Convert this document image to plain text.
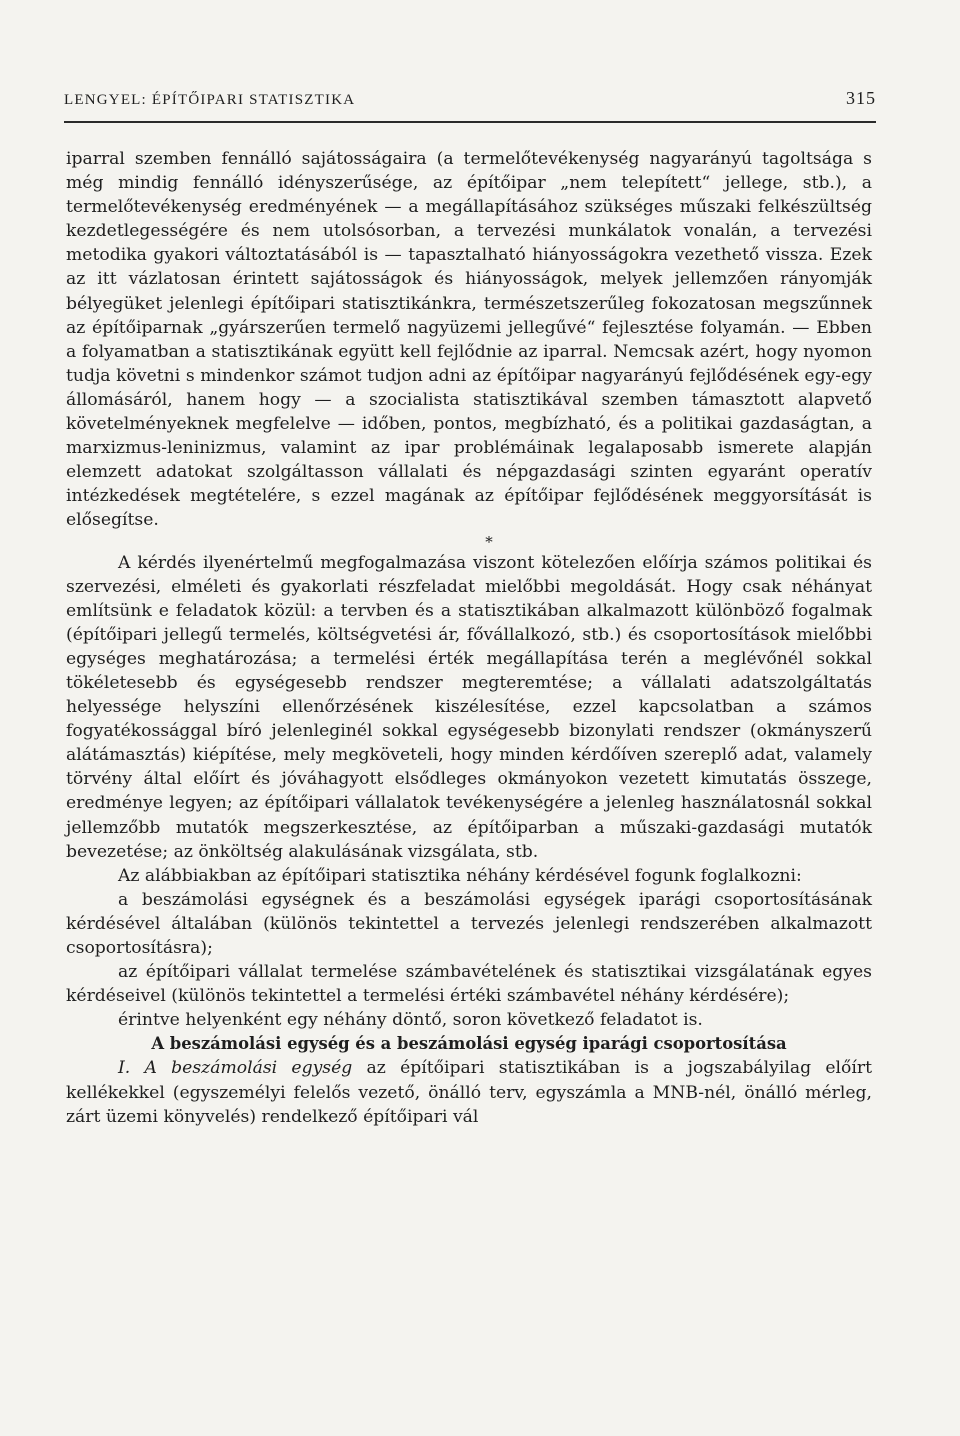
LENGYEL: ÉPÍTŐIPARI STATISZTIKA	315

iparral szemben fennálló sajátosságaira (a termelőtevékenység nagyarányú tagoltsága s még mindig fennálló idényszerűsége, az építőipar „nem telepített“ jellege, stb.), a termelőtevékenység eredményének — a megállapításához szükséges műszaki felkészültség kezdetlegességére és nem utolsósorban, a tervezési munkálatok vonalán, a tervezési metodika gyakori változtatásából is — tapasztalható hiányosságokra vezethető vissza. Ezek az itt vázlatosan érintett sajátosságok és hiányosságok, melyek jellemzően rányomják bélyegüket jelenlegi építőipari statisztikánkra, természetszerűleg fokozatosan megszűnnek az építőiparnak „gyárszerűen termelő nagyüzemi jellegűvé“ fejlesztése folyamán. — Ebben a folyamatban a statisztikának együtt kell fejlődnie az iparral. Nemcsak azért, hogy nyomon tudja követni s mindenkor számot tudjon adni az építőipar nagyarányú fejlődésének egy-egy állomásáról, hanem hogy — a szocialista statisztikával szemben támasztott alapvető követelményeknek megfelelve — időben, pontos, megbízható, és a politikai gazdaságtan, a marxizmus-leninizmus, valamint az ipar problémáinak legalaposabb ismerete alapján elemzett adatokat szolgáltasson vállalati és népgazdasági szinten egyaránt operatív intézkedések megtételére, s ezzel magának az építőipar fejlődésének meggyorsítását is elősegítse.

*

A kérdés ilyenértelmű megfogalmazása viszont kötelezően előírja számos politikai és szervezési, elméleti és gyakorlati részfeladat mielőbbi megoldását. Hogy csak néhányat említsünk e feladatok közül: a tervben és a statisztikában alkalmazott különböző fogalmak (építőipari jellegű termelés, költségvetési ár, fővállalkozó, stb.) és csoportosítások mielőbbi egységes meghatározása; a termelési érték megállapítása terén a meglévőnél sokkal tökéletesebb és egységesebb rendszer megteremtése; a vállalati adatszolgáltatás helyessége helyszíni ellenőrzésének kiszélesítése, ezzel kapcsolatban a számos fogyatékossággal bíró jelenleginél sokkal egységesebb bizonylati rendszer (okmányszerű alátámasztás) kiépítése, mely megköveteli, hogy minden kérdőíven szereplő adat, valamely törvény által előírt és jóváhagyott elsődleges okmányokon vezetett kimutatás összege, eredménye legyen; az építőipari vállalatok tevékenységére a jelenleg használatosnál sokkal jellemzőbb mutatók megszerkesztése, az építőiparban a műszaki-gazdasági mutatók bevezetése; az önköltség alakulásának vizsgálata, stb.

Az alábbiakban az építőipari statisztika néhány kérdésével fogunk foglalkozni:

a beszámolási egységnek és a beszámolási egységek iparági csoportosításának kérdésével általában (különös tekintettel a tervezés jelenlegi rendszerében alkalmazott csoportosításra);

az építőipari vállalat termelése számbavételének és statisztikai vizsgálatának egyes kérdéseivel (különös tekintettel a termelési értéki számbavétel néhány kérdésére);

érintve helyenként egy néhány döntő, soron következő feladatot is.

A beszámolási egység és a beszámolási egység iparági csoportosítása

I. A beszámolási egység az építőipari statisztikában is a jogszabályilag előírt kellékekkel (egyszemélyi felelős vezető, önálló terv, egyszámla a MNB-nél, önálló mérleg, zárt üzemi könyvelés) rendelkező építőipari vál
